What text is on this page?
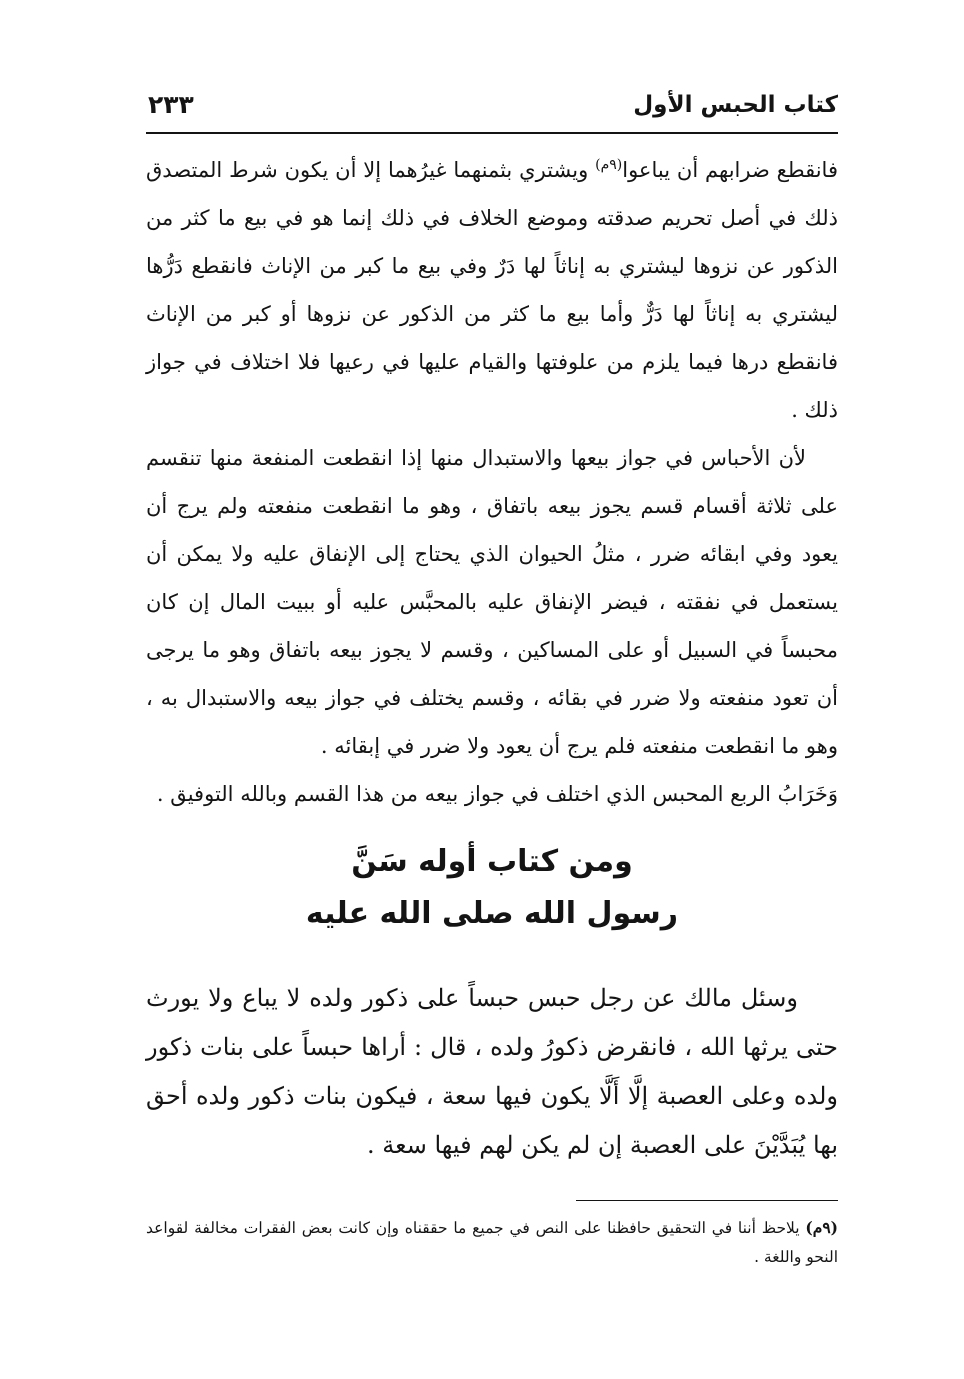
كتاب الحبس الأول
٢٣٣

فانقطع ضرابهم أن يباعوا$^{(٩م)}$ ويشتري بثمنهما غيرُهما إلا أن يكون شرط المتصدق ذلك في أصل تحريم صدقته وموضع الخلاف في ذلك إنما هو في بيع ما كثر من الذكور عن نزوها ليشتري به إناثاً لها دَرٌ وفي بيع ما كبر من الإناث فانقطع دَرُّها ليشتري به إناثاً لها دَرٌّ وأما بيع ما كثر من الذكور عن نزوها أو كبر من الإناث فانقطع درها فيما يلزم من علوفتها والقيام عليها في رعيها فلا اختلاف في جواز ذلك .

لأن الأحباس في جواز بيعها والاستبدال منها إذا انقطعت المنفعة منها تنقسم على ثلاثة أقسام قسم يجوز بيعه باتفاق ، وهو ما انقطعت منفعته ولم يرج أن يعود وفي ابقائه ضرر ، مثلُ الحيوان الذي يحتاج إلى الإنفاق عليه ولا يمكن أن يستعمل في نفقته ، فيضر الإنفاق عليه بالمحبَّس عليه أو ببيت المال إن كان محبساً في السبيل أو على المساكين ، وقسم لا يجوز بيعه باتفاق وهو ما يرجى أن تعود منفعته ولا ضرر في بقائه ، وقسم يختلف في جواز بيعه والاستبدال به ، وهو ما انقطعت منفعته فلم يرج أن يعود ولا ضرر في إبقائه .

وَخَرَابُ الربع المحبس الذي اختلف في جواز بيعه من هذا القسم وبالله التوفيق .

ومن كتاب أوله سَنَّ
رسول الله صلى الله عليه

وسئل مالك عن رجل حبس حبساً على ذكور ولده لا يباع ولا يورث حتى يرثها الله ، فانقرض ذكورُ ولده ، قال : أراها حبساً على بنات ذكور ولده وعلى العصبة إلَّا أَلَّا يكون فيها سعة ، فيكون بنات ذكور ولده أحق بها يُبَدَّيْنَ على العصبة إن لم يكن لهم فيها سعة .

(٩م) يلاحظ أننا في التحقيق حافظنا على النص في جميع ما حققناه وإن كانت بعض الفقرات مخالفة لقواعد النحو واللغة .
